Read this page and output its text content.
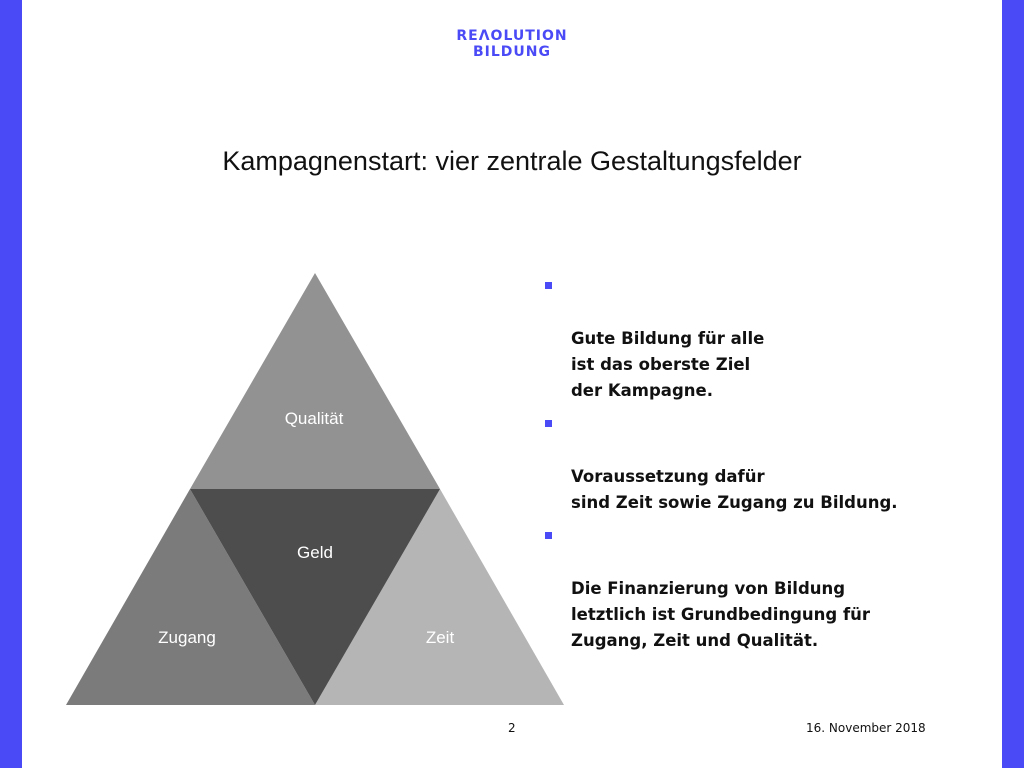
REΛOLUTION
BILDUNG
Kampagnenstart: vier zentrale Gestaltungsfelder
Qualität
Geld
Zugang	Zeit

Gute Bildung für alle
ist das oberste Ziel
der Kampagne.

Voraussetzung dafür
sind Zeit sowie Zugang zu Bildung.

Die Finanzierung von Bildung
letztlich ist Grundbedingung für
Zugang, Zeit und Qualität.

2	16. November 2018
